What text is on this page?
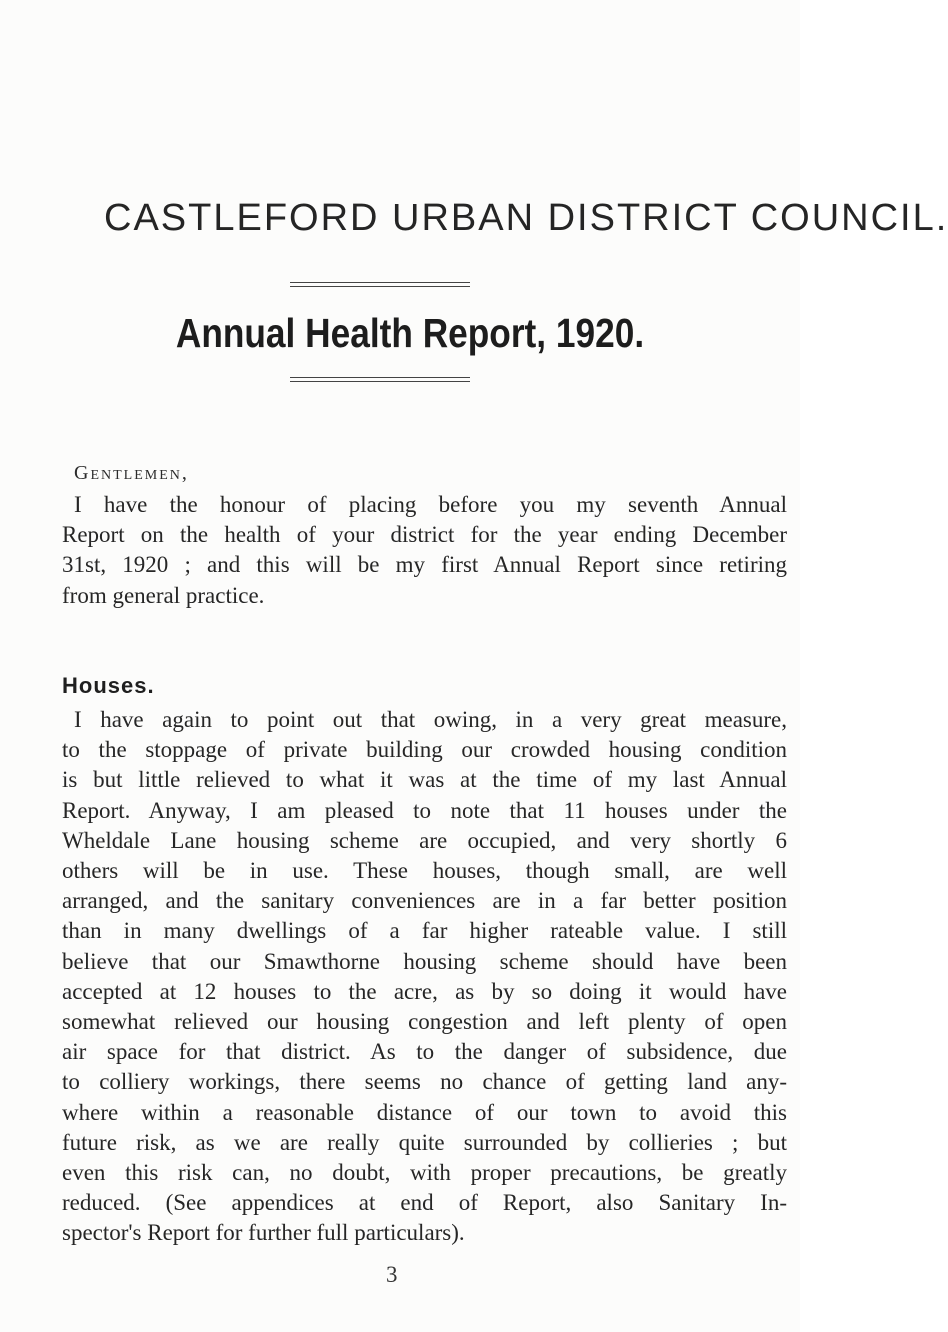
CASTLEFORD URBAN DISTRICT COUNCIL.
Annual Health Report, 1920.
Gentlemen,
I have the honour of placing before you my seventh Annual
Report on the health of your district for the year ending December
31st, 1920 ; and this will be my first Annual Report since retiring
from general practice.
Houses.
I have again to point out that owing, in a very great measure,
to the stoppage of private building our crowded housing condition
is but little relieved to what it was at the time of my last Annual
Report. Anyway, I am pleased to note that 11 houses under the
Wheldale Lane housing scheme are occupied, and very shortly 6
others will be in use. These houses, though small, are well
arranged, and the sanitary conveniences are in a far better position
than in many dwellings of a far higher rateable value. I still
believe that our Smawthorne housing scheme should have been
accepted at 12 houses to the acre, as by so doing it would have
somewhat relieved our housing congestion and left plenty of open
air space for that district. As to the danger of subsidence, due
to colliery workings, there seems no chance of getting land any-
where within a reasonable distance of our town to avoid this
future risk, as we are really quite surrounded by collieries ; but
even this risk can, no doubt, with proper precautions, be greatly
reduced. (See appendices at end of Report, also Sanitary In-
spector's Report for further full particulars).
3
